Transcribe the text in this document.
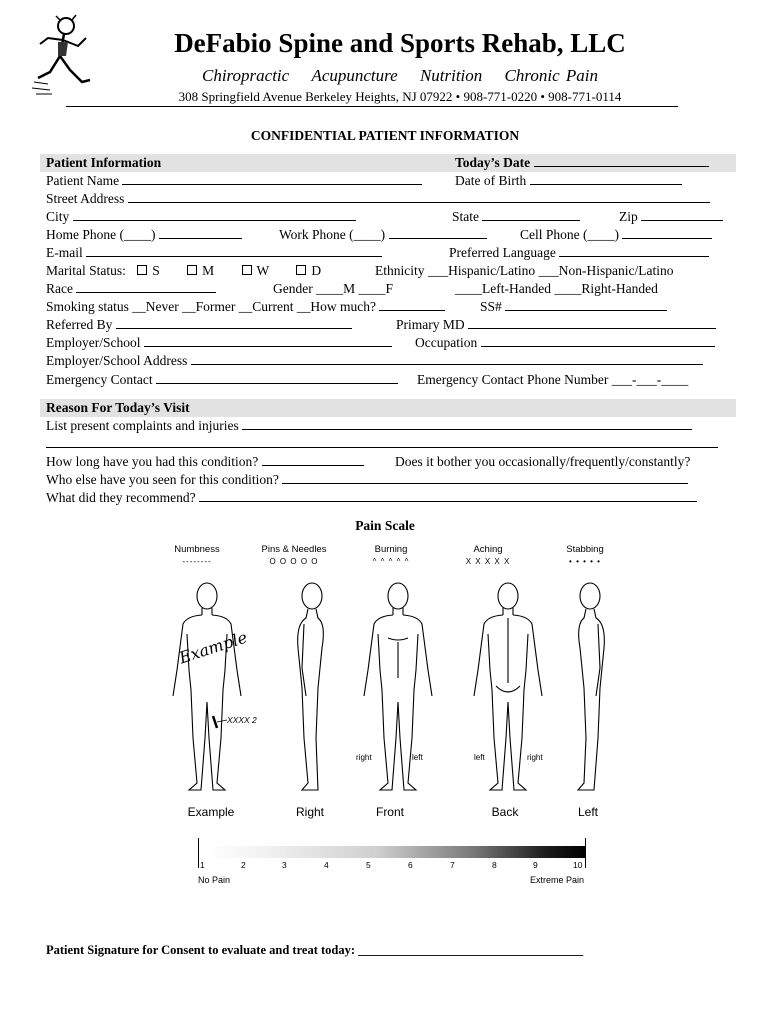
DeFabio Spine and Sports Rehab, LLC
Chiropractic Acupuncture Nutrition Chronic Pain
308 Springfield Avenue Berkeley Heights, NJ 07922 • 908-771-0220 • 908-771-0114
CONFIDENTIAL PATIENT INFORMATION
Patient Information	Today’s Date
Patient Name	Date of Birth
Street Address
City	State	Zip
Home Phone (____)	Work Phone (____)	Cell Phone (____)
E-mail	Preferred Language
Marital Status: S	M	W	D	Ethnicity ___Hispanic/Latino ___Non-Hispanic/Latino
Race	Gender ____M ____F	____Left-Handed ____Right-Handed
Smoking status __Never __Former __Current __How much?	SS#
Referred By	Primary MD
Employer/School	Occupation
Employer/School Address
Emergency Contact	Emergency Contact Phone Number ___-___-____
Reason For Today’s Visit
List present complaints and injuries
How long have you had this condition?	Does it bother you occasionally/frequently/constantly?
Who else have you seen for this condition?
What did they recommend?
Pain Scale
Numbness
--------
Pins & Needles
O O O O O
Burning
^ ^ ^ ^ ^
Aching
X X X X X
Stabbing
• • • • •
XXXX 2
Example
right	left	left	right
Example	Right	Front	Back	Left
1	2	3	4	5	6	7	8	9	10
No Pain	Extreme Pain
Patient Signature for Consent to evaluate and treat today: ____________________________________
